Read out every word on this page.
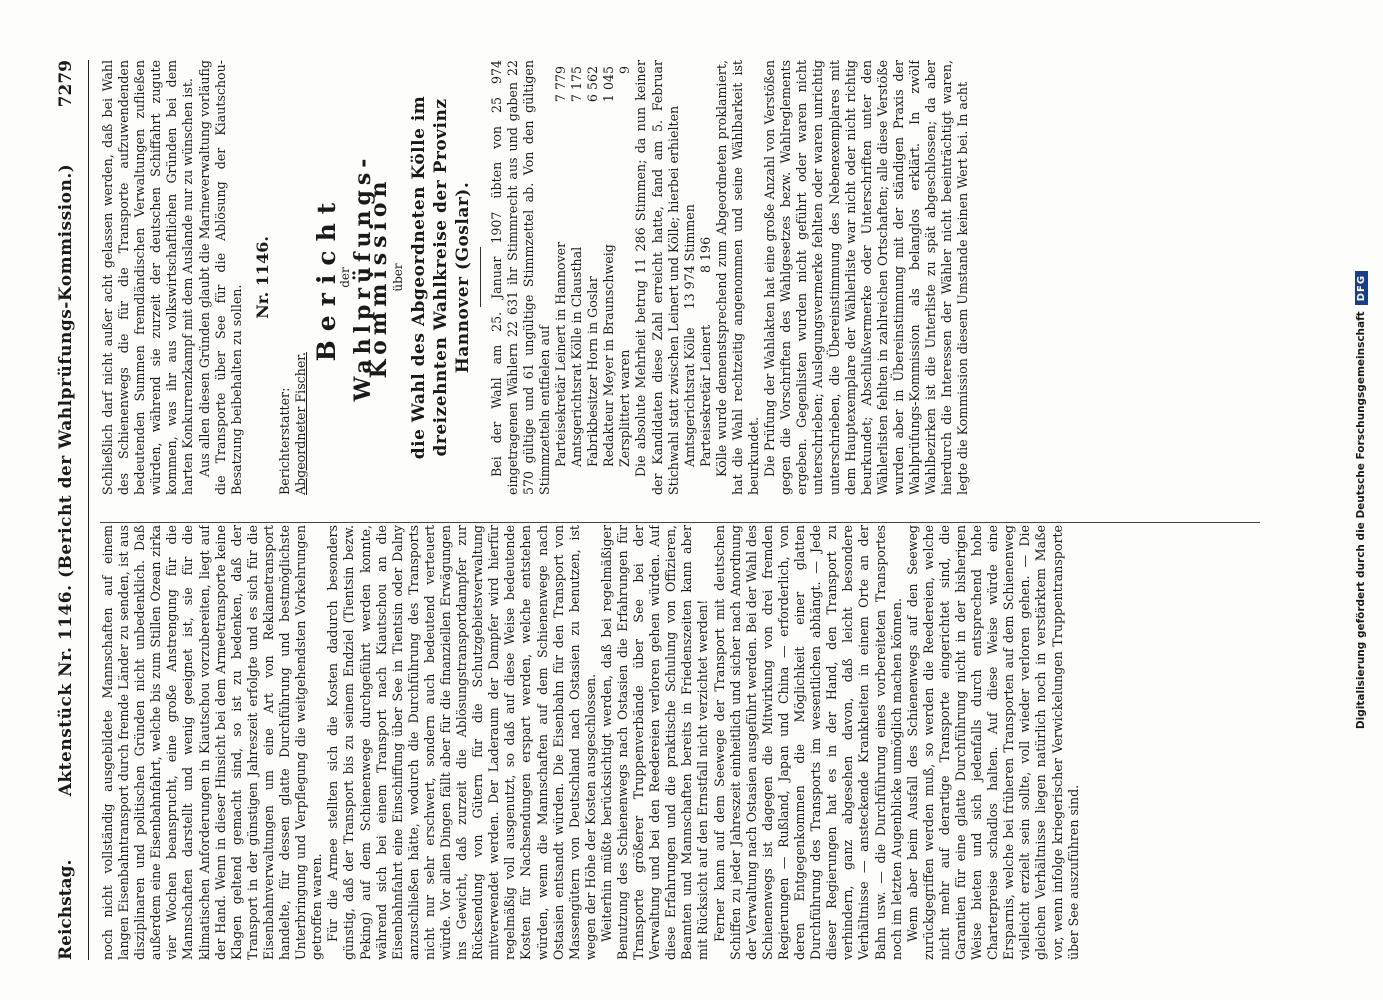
Reichstag.
Aktenstück Nr. 1146. (Bericht der Wahlprüfungs-Kommission.)
7279

noch nicht vollständig ausgebildete Mannschaften auf einem langen Eisenbahntransport durch fremde Länder zu senden, ist aus disziplinaren und politischen Gründen nicht unbedenklich. Daß außerdem eine Eisenbahnfahrt, welche bis zum Stillen Ozean zirka vier Wochen beansprucht, eine große Anstrengung für die Mannschaften darstellt und wenig geeignet ist, sie für die klimatischen Anforderungen in Kiautschou vorzubereiten, liegt auf der Hand. Wenn in dieser Hinsicht bei dem Armeetransporte keine Klagen geltend gemacht sind, so ist zu bedenken, daß der Transport in der günstigen Jahreszeit erfolgte und es sich für die Eisenbahnverwaltungen um eine Art von Reklametransport handelte, für dessen glatte Durchführung und bestmöglichste Unterbringung und Verpflegung die weitgehendsten Vorkehrungen getroffen waren. Für die Armee stellten sich die Kosten dadurch besonders günstig, daß der Transport bis zu seinem Endziel (Tientsin bezw. Peking) auf dem Schienenwege durchgeführt werden konnte, während sich bei einem Transport nach Kiautschou an die Eisenbahnfahrt eine Einschiffung über See in Tientsin oder Dalny anzuschließen hätte, wodurch die Durchführung des Transports nicht nur sehr erschwert, sondern auch bedeutend verteuert würde. Vor allen Dingen fällt aber für die finanziellen Erwägungen ins Gewicht, daß zurzeit die Ablösungstransportdampfer zur Rücksendung von Gütern für die Schutzgebietsverwaltung mitverwendet werden. Der Laderaum der Dampfer wird hierfür regelmäßig voll ausgenutzt, so daß auf diese Weise bedeutende Kosten für Nachsendungen erspart werden, welche entstehen würden, wenn die Mannschaften auf dem Schienenwege nach Ostasien entsandt würden. Die Eisenbahn für den Transport von Massengütern von Deutschland nach Ostasien zu benutzen, ist wegen der Höhe der Kosten ausgeschlossen. Weiterhin müßte berücksichtigt werden, daß bei regelmäßiger Benutzung des Schienenwegs nach Ostasien die Erfahrungen für Transporte größerer Truppenverbände über See bei der Verwaltung und bei den Reedereien verloren gehen würden. Auf diese Erfahrungen und die praktische Schulung von Offizieren, Beamten und Mannschaften bereits in Friedenszeiten kann aber mit Rücksicht auf den Ernstfall nicht verzichtet werden! Ferner kann auf dem Seewege der Transport mit deutschen Schiffen zu jeder Jahreszeit einheitlich und sicher nach Anordnung der Verwaltung nach Ostasien ausgeführt werden. Bei der Wahl des Schienenwegs ist dagegen die Mitwirkung von drei fremden Regierungen — Rußland, Japan und China — erforderlich, von deren Entgegenkommen die Möglichkeit einer glatten Durchführung des Transports im wesentlichen abhängt. — Jede dieser Regierungen hat es in der Hand, den Transport zu verhindern, ganz abgesehen davon, daß leicht besondere Verhältnisse — ansteckende Krankheiten in einem Orte an der Bahn usw. — die Durchführung eines vorbereiteten Transportes noch im letzten Augenblicke unmöglich machen können. Wenn aber beim Ausfall des Schienenwegs auf den Seeweg zurückgegriffen werden muß, so werden die Reedereien, welche nicht mehr auf derartige Transporte eingerichtet sind, die Garantien für eine glatte Durchführung nicht in der bisherigen Weise bieten und sich jedenfalls durch entsprechend hohe Charterpreise schadlos halten. Auf diese Weise würde eine Ersparnis, welche bei früheren Transporten auf dem Schienenweg vielleicht erzielt sein sollte, voll wieder verloren gehen. — Die gleichen Verhältnisse liegen natürlich noch in verstärktem Maße vor, wenn infolge kriegerischer Verwickelungen Truppentransporte über See auszuführen sind.

Schließlich darf nicht außer acht gelassen werden, daß bei Wahl des Schienenwegs die für die Transporte aufzuwendenden bedeutenden Summen fremdländischen Verwaltungen zufließen würden, während sie zurzeit der deutschen Schiffahrt zugute kommen, was ihr aus volkswirtschaftlichen Gründen bei dem harten Konkurrenzkampf mit dem Auslande nur zu wünschen ist. Aus allen diesen Gründen glaubt die Marineverwaltung vorläufig die Transporte über See für die Ablösung der Kiautschou-Besatzung beibehalten zu sollen.

Nr. 1146.

Berichterstatter:
Abgeordneter Fischer.

Bericht
der
Wahlprüfungs-Kommission
über die Wahl des Abgeordneten Kölle im dreizehnten Wahlkreise der Provinz Hannover (Goslar). Bei der Wahl am 25. Januar 1907 übten von 25 974 eingetragenen Wählern 22 631 ihr Stimmrecht aus und gaben 22 570 gültige und 61 ungültige Stimmzettel ab. Von den gültigen Stimmzetteln entfielen auf Parteisekretär Leinert in Hannover
7 779
Amtsgerichtsrat Kölle in Clausthal
7 175
Fabrikbesitzer Horn in Goslar
6 562
Redakteur Meyer in Braunschweig
1 045
Zersplittert waren
9 Die absolute Mehrheit betrug 11 286 Stimmen; da nun keiner der Kandidaten diese Zahl erreicht hatte, fand am 5. Februar Stichwahl statt zwischen Leinert und Kölle; hierbei erhielten Amtsgerichtsrat Kölle
13 974 Stimmen
Parteisekretär Leinert
8 196 Kölle wurde demenstsprechend zum Abgeordneten proklamiert, hat die Wahl rechtzeitig angenommen und seine Wählbarkeit ist beurkundet. Die Prüfung der Wahlakten hat eine große Anzahl von Verstößen gegen die Vorschriften des Wahlgesetzes bezw. Wahlreglements ergeben. Gegenlisten wurden nicht geführt oder waren nicht unterschrieben; Auslegungsvermerke fehlten oder waren unrichtig unterschrieben, die Übereinstimmung des Nebenexemplares mit dem Hauptexemplare der Wählerliste war nicht oder nicht richtig beurkundet; Abschlußvermerke oder Unterschriften unter den Wählerlisten fehlten in zahlreichen Ortschaften; alle diese Verstöße wurden aber in Übereinstimmung mit der ständigen Praxis der Wahlprüfungs-Kommission als belanglos erklärt. In zwölf Wahlbezirken ist die Unterliste zu spät abgeschlossen; da aber hierdurch die Interessen der Wähler nicht beeinträchtigt waren, legte die Kommission diesem Umstande keinen Wert bei. In acht

Digitalisierung gefördert durch die Deutsche Forschungsgemeinschaft
DFG
